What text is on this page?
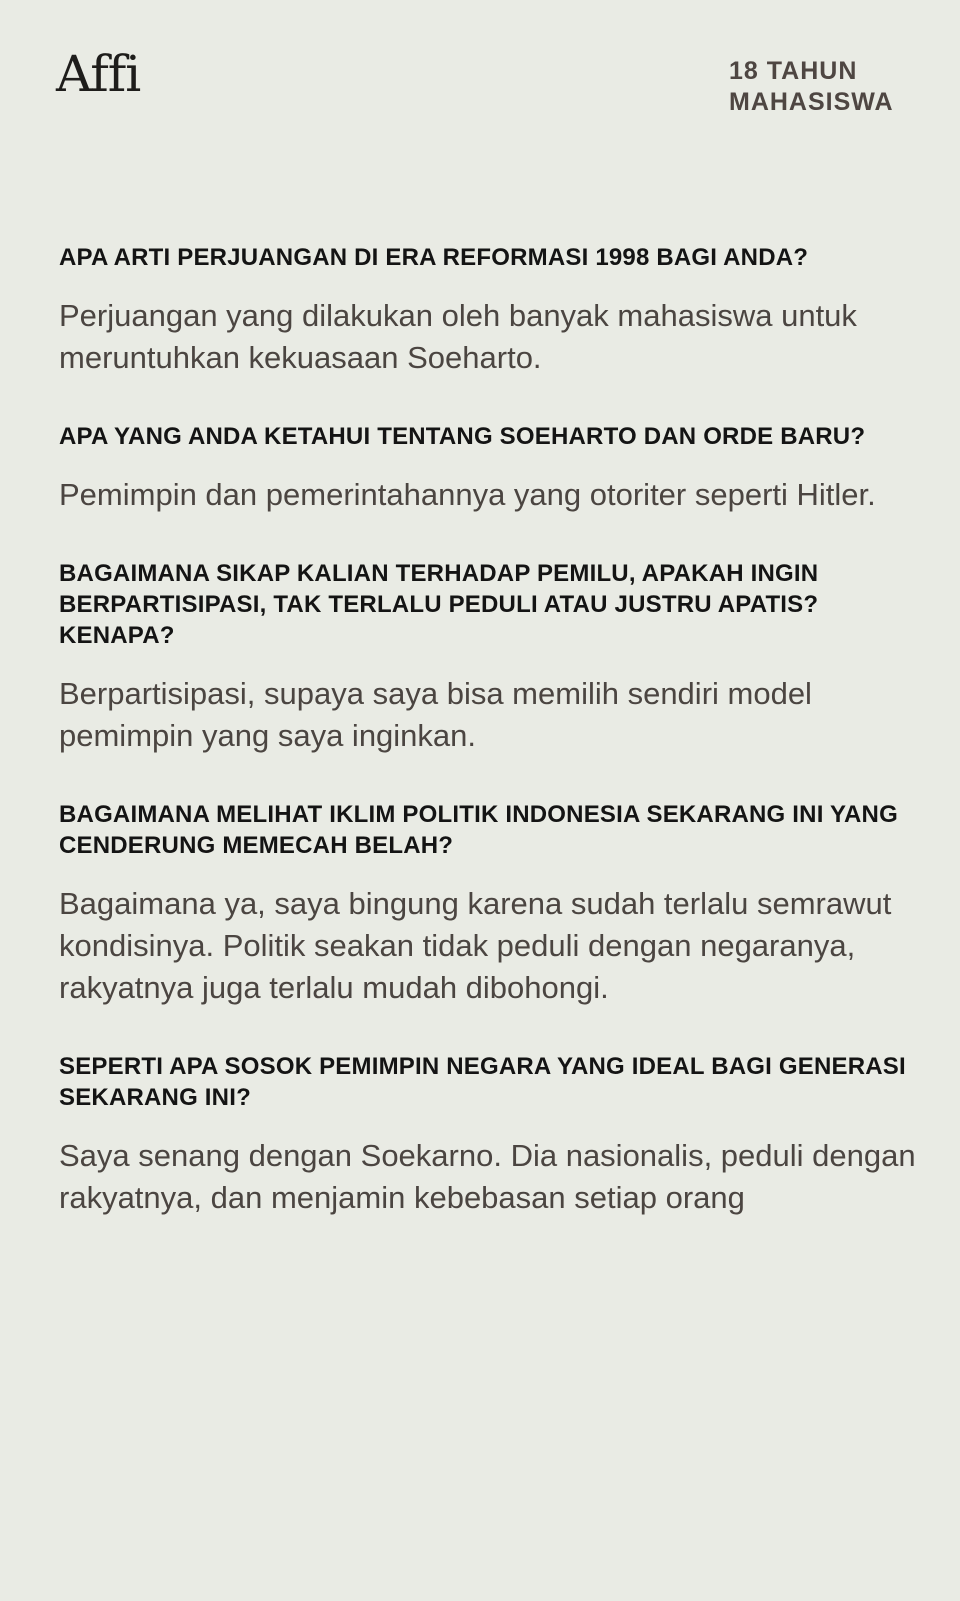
Affi	18 TAHUN
MAHASISWA
APA ARTI PERJUANGAN DI ERA REFORMASI 1998 BAGI ANDA?

Perjuangan yang dilakukan oleh banyak mahasiswa untuk meruntuhkan kekuasaan Soeharto.

APA YANG ANDA KETAHUI TENTANG SOEHARTO DAN ORDE BARU?

Pemimpin dan pemerintahannya yang otoriter seperti Hitler.

BAGAIMANA SIKAP KALIAN TERHADAP PEMILU, APAKAH INGIN BERPARTISIPASI, TAK TERLALU PEDULI ATAU JUSTRU APATIS? KENAPA?

Berpartisipasi, supaya saya bisa memilih sendiri model pemimpin yang saya inginkan.

BAGAIMANA MELIHAT IKLIM POLITIK INDONESIA SEKARANG INI YANG CENDERUNG MEMECAH BELAH?

Bagaimana ya, saya bingung karena sudah terlalu semrawut kondisinya. Politik seakan tidak peduli dengan negaranya, rakyatnya juga terlalu mudah dibohongi.

SEPERTI APA SOSOK PEMIMPIN NEGARA YANG IDEAL BAGI GENERASI SEKARANG INI?

Saya senang dengan Soekarno. Dia nasionalis, peduli dengan rakyatnya, dan menjamin kebebasan setiap orang
